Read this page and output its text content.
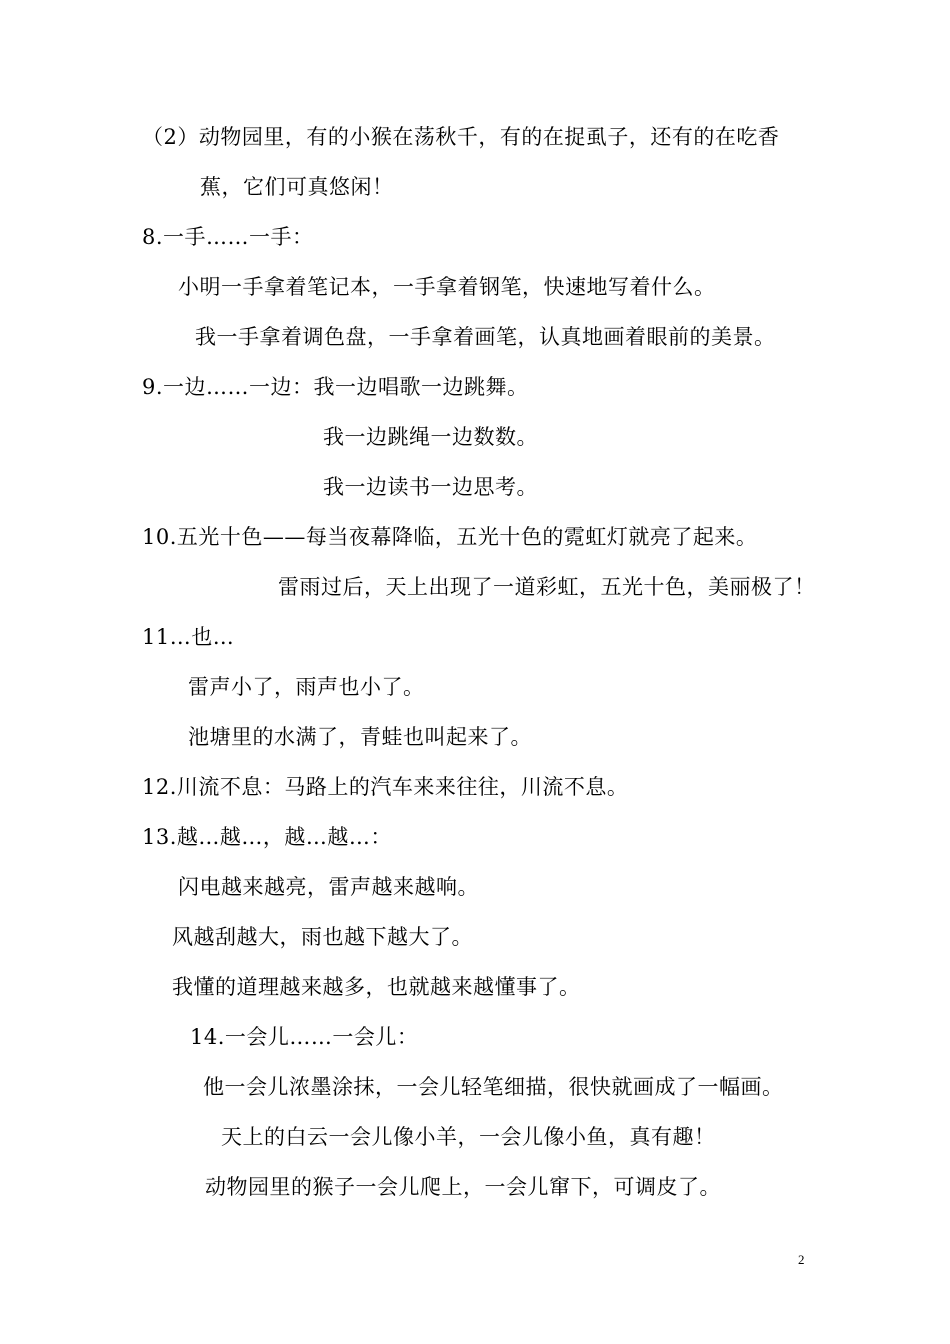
（2）动物园里，有的小猴在荡秋千，有的在捉虱子，还有的在吃香
蕉，它们可真悠闲！
8.一手……一手：
小明一手拿着笔记本，一手拿着钢笔，快速地写着什么。
我一手拿着调色盘，一手拿着画笔，认真地画着眼前的美景。
9.一边……一边：我一边唱歌一边跳舞。
我一边跳绳一边数数。
我一边读书一边思考。
10.五光十色——每当夜幕降临，五光十色的霓虹灯就亮了起来。
雷雨过后，天上出现了一道彩虹，五光十色，美丽极了！
11…也…
雷声小了，雨声也小了。
池塘里的水满了，青蛙也叫起来了。
12.川流不息：马路上的汽车来来往往，川流不息。
13.越…越…，越…越…：
闪电越来越亮，雷声越来越响。
风越刮越大，雨也越下越大了。
我懂的道理越来越多，也就越来越懂事了。
14.一会儿……一会儿：
他一会儿浓墨涂抹，一会儿轻笔细描，很快就画成了一幅画。
天上的白云一会儿像小羊，一会儿像小鱼，真有趣！
动物园里的猴子一会儿爬上，一会儿窜下，可调皮了。
2
